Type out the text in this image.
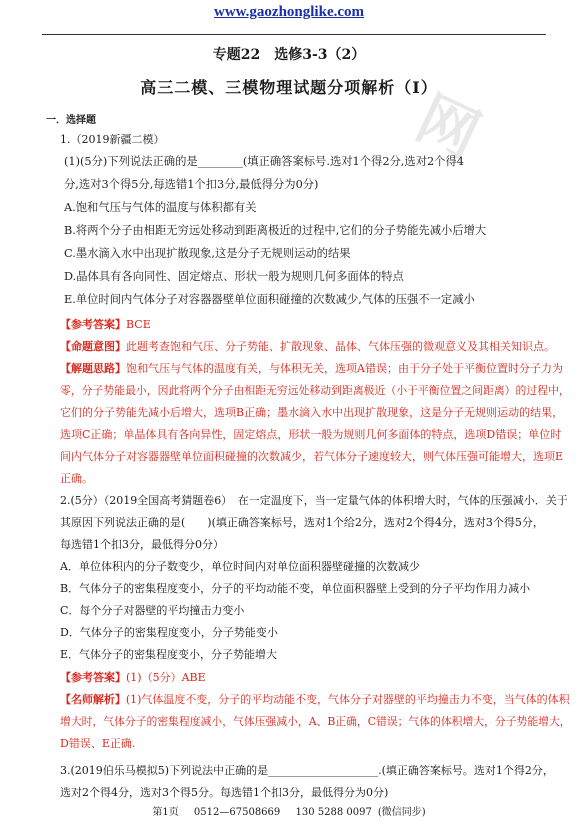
网
www.gaozhonglike.com
专题22　选修3-3（2）
高三二模、三模物理试题分项解析（I）
一．选择题
1.（2019新疆二模）
(1)(5分)下列说法正确的是________(填正确答案标号.选对1个得2分,选对2个得4
分,选对3个得5分,每选错1个扣3分,最低得分为0分)
A.饱和气压与气体的温度与体积都有关
B.将两个分子由相距无穷远处移动到距离极近的过程中,它们的分子势能先减小后增大
C.墨水滴入水中出现扩散现象,这是分子无规则运动的结果
D.晶体具有各向同性、固定熔点、形状一般为规则几何多面体的特点
E.单位时间内气体分子对容器器壁单位面积碰撞的次数减少,气体的压强不一定减小
【参考答案】BCE
【命题意图】此题考查饱和气压、分子势能、扩散现象、晶体、气体压强的微观意义及其相关知识点。
【解题思路】饱和气压与气体的温度有关，与体积无关，选项A错误；由于分子处于平衡位置时分子力为
零，分子势能最小，因此将两个分子由相距无穷远处移动到距离极近（小于平衡位置之间距离）的过程中，
它们的分子势能先减小后增大，选项B正确；墨水滴入水中出现扩散现象，这是分子无规则运动的结果，
选项C正确；单晶体具有各向异性，固定熔点，形状一般为规则几何多面体的特点，选项D错误；单位时
间内气体分子对容器器壁单位面积碰撞的次数减少，若气体分子速度较大，则气体压强可能增大，选项E
正确。
2.(5分）（2019全国高考猜题卷6）　在一定温度下，当一定量气体的体积增大时，气体的压强减小．关于
其原因下列说法正确的是(　　)(填正确答案标号，选对1个给2分，选对2个得4分，选对3个得5分，
每选错1个扣3分，最低得分0分）
A．单位体积内的分子数变少，单位时间内对单位面积器壁碰撞的次数减少
B．气体分子的密集程度变小，分子的平均动能不变，单位面积器壁上受到的分子平均作用力减小
C．每个分子对器壁的平均撞击力变小
D．气体分子的密集程度变小，分子势能变小
E．气体分子的密集程度变小，分子势能增大
【参考答案】(1)（5分）ABE
【名师解析】(1)气体温度不变，分子的平均动能不变，气体分子对器壁的平均撞击力不变，当气体的体积
增大时，气体分子的密集程度减小，气体压强减小，A、B正确，C错误；气体的体积增大，分子势能增大，
D错误、E正确.
3.(2019伯乐马模拟5)下列说法中正确的是____________________.(填正确答案标号。选对1个得2分，
选对2个得4分，选对3个得5分。每选错1个扣3分，最低得分为0分)
第1页 0512—67508669 130 5288 0097 (微信同步)
